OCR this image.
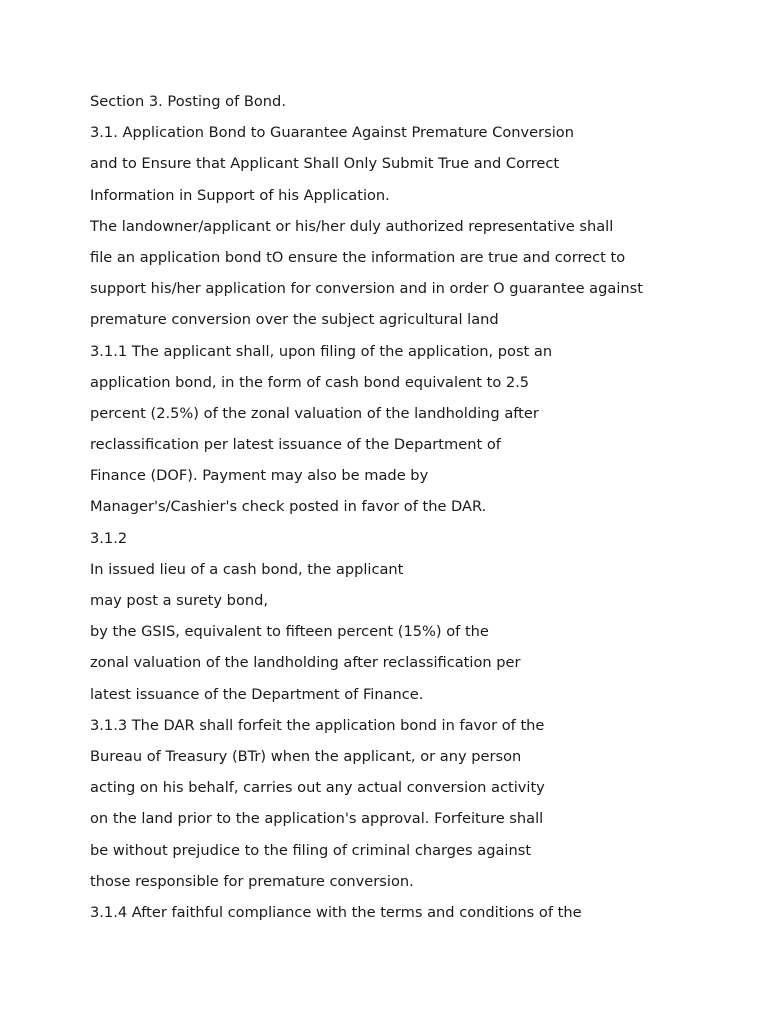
Section 3. Posting of Bond.
3.1. Application Bond to Guarantee Against Premature Conversion
and to Ensure that Applicant Shall Only Submit True and Correct
Information in Support of his Application.
The landowner/applicant or his/her duly authorized representative shall
file an application bond tO ensure the information are true and correct to
support his/her application for conversion and in order O guarantee against
premature conversion over the subject agricultural land
3.1.1 The applicant shall, upon filing of the application, post an
application bond, in the form of cash bond equivalent to 2.5
percent (2.5%) of the zonal valuation of the landholding after
reclassification per latest issuance of the Department of
Finance (DOF). Payment may also be made by
Manager's/Cashier's check posted in favor of the DAR.
3.1.2
In issued lieu of a cash bond, the applicant
may post a surety bond,
by the GSIS, equivalent to fifteen percent (15%) of the
zonal valuation of the landholding after reclassification per
latest issuance of the Department of Finance.
3.1.3 The DAR shall forfeit the application bond in favor of the
Bureau of Treasury (BTr) when the applicant, or any person
acting on his behalf, carries out any actual conversion activity
on the land prior to the application's approval. Forfeiture shall
be without prejudice to the filing of criminal charges against
those responsible for premature conversion.
3.1.4 After faithful compliance with the terms and conditions of the
